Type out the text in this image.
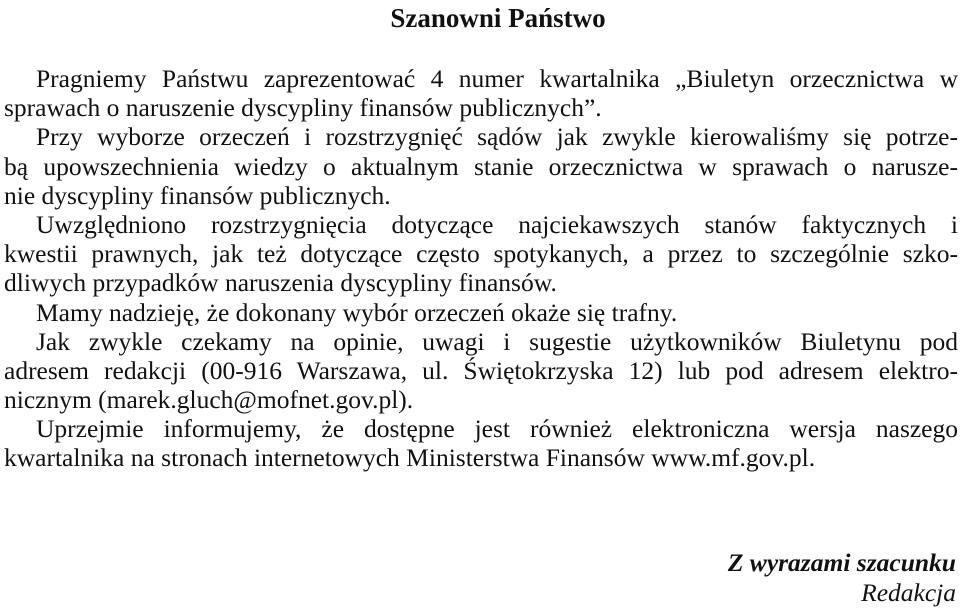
Szanowni Państwo
Pragniemy Państwu zaprezentować 4 numer kwartalnika „Biuletyn orzecznictwa w
sprawach o naruszenie dyscypliny finansów publicznych”.
Przy wyborze orzeczeń i rozstrzygnięć sądów jak zwykle kierowaliśmy się potrze-
bą upowszechnienia wiedzy o aktualnym stanie orzecznictwa w sprawach o narusze-
nie dyscypliny finansów publicznych.
Uwzględniono rozstrzygnięcia dotyczące najciekawszych stanów faktycznych i
kwestii prawnych, jak też dotyczące często spotykanych, a przez to szczególnie szko-
dliwych przypadków naruszenia dyscypliny finansów.
Mamy nadzieję, że dokonany wybór orzeczeń okaże się trafny.
Jak zwykle czekamy na opinie, uwagi i sugestie użytkowników Biuletynu pod
adresem redakcji (00-916 Warszawa, ul. Świętokrzyska 12) lub pod adresem elektro-
nicznym (marek.gluch@mofnet.gov.pl).
Uprzejmie informujemy, że dostępne jest również elektroniczna wersja naszego
kwartalnika na stronach internetowych Ministerstwa Finansów www.mf.gov.pl.
Z wyrazami szacunku
Redakcja
